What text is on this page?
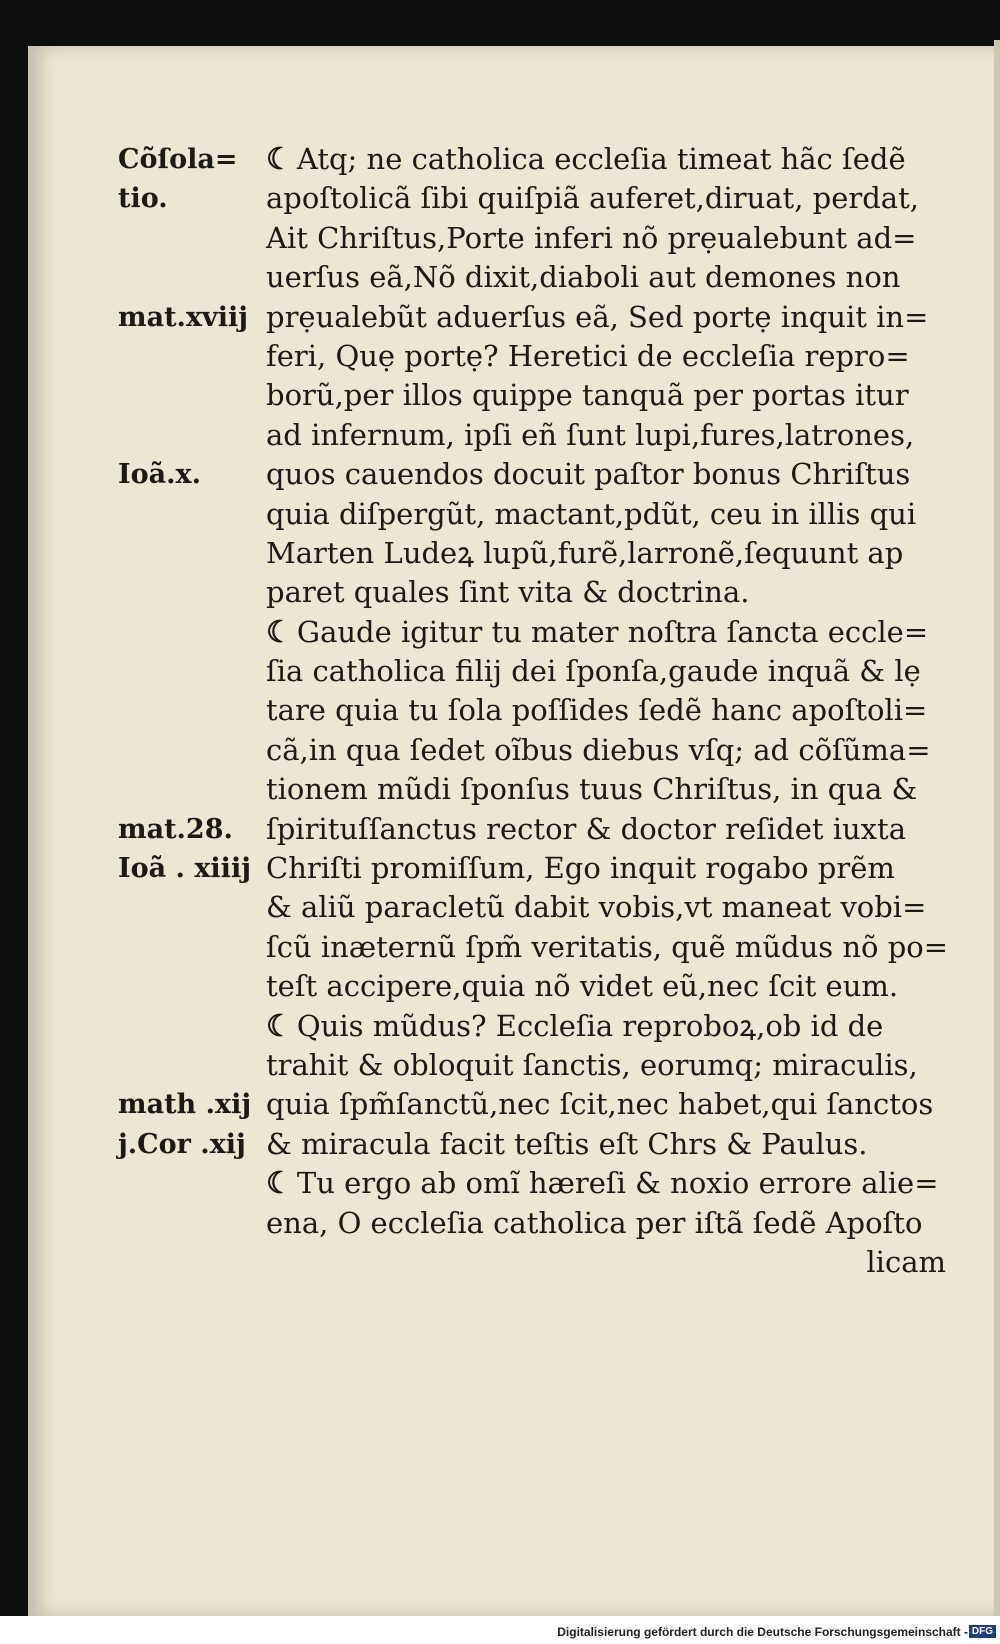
Cõſola= ☾ Atq; ne catholica eccleſia timeat hãc ſedẽ
tio.	apoſtolicã ſibi quiſpiã auferet,diruat, perdat,
Ait Chriſtus,Porte inferi nõ prẹualebunt ad=
uerſus eã,Nõ dixit,diaboli aut demones non
mat.xviij prẹualebũt aduerſus eã, Sed portẹ inquit in=
feri, Quẹ portẹ? Heretici de eccleſia repro=
borũ,per illos quippe tanquã per portas itur
ad infernum, ipſi eñ ſunt lupi,fures,latrones,
Ioã.x.	quos cauendos docuit paſtor bonus Chriſtus
quia diſpergũt, mactant,pdũt, ceu in illis qui
Marten Ludeꝝ lupũ,furẽ,larronẽ,ſequunt ap
paret quales ſint vita & doctrina.
☾ Gaude igitur tu mater noſtra ſancta eccle=
ſia catholica filij dei ſponſa,gaude inquã & lẹ
tare quia tu ſola poſſides ſedẽ hanc apoſtoli=
cã,in qua ſedet oĩbus diebus vſq; ad cõſũma=
tionem mũdi ſponſus tuus Chriſtus, in qua &
mat.28.	ſpirituſſanctus rector & doctor reſidet iuxta
Ioã . xiiij Chriſti promiſſum, Ego inquit rogabo prẽm
& aliũ paracletũ dabit vobis,vt maneat vobi=
ſcũ inæternũ ſpm̃ veritatis, quẽ mũdus nõ po=
teſt accipere,quia nõ videt eũ,nec ſcit eum.
☾ Quis mũdus? Eccleſia reproboꝝ,ob id de
trahit & obloquit ſanctis, eorumq; miraculis,
math .xij quia ſpm̃ſanctũ,nec ſcit,nec habet,qui ſanctos
j.Cor .xij & miracula facit teſtis eſt Chrs & Paulus.
☾ Tu ergo ab omĩ hæreſi & noxio errore alie=
ena, O eccleſia catholica per iſtã ſedẽ Apoſto
licam
Digitalisierung gefördert durch die Deutsche Forschungsgemeinschaft - DFG
